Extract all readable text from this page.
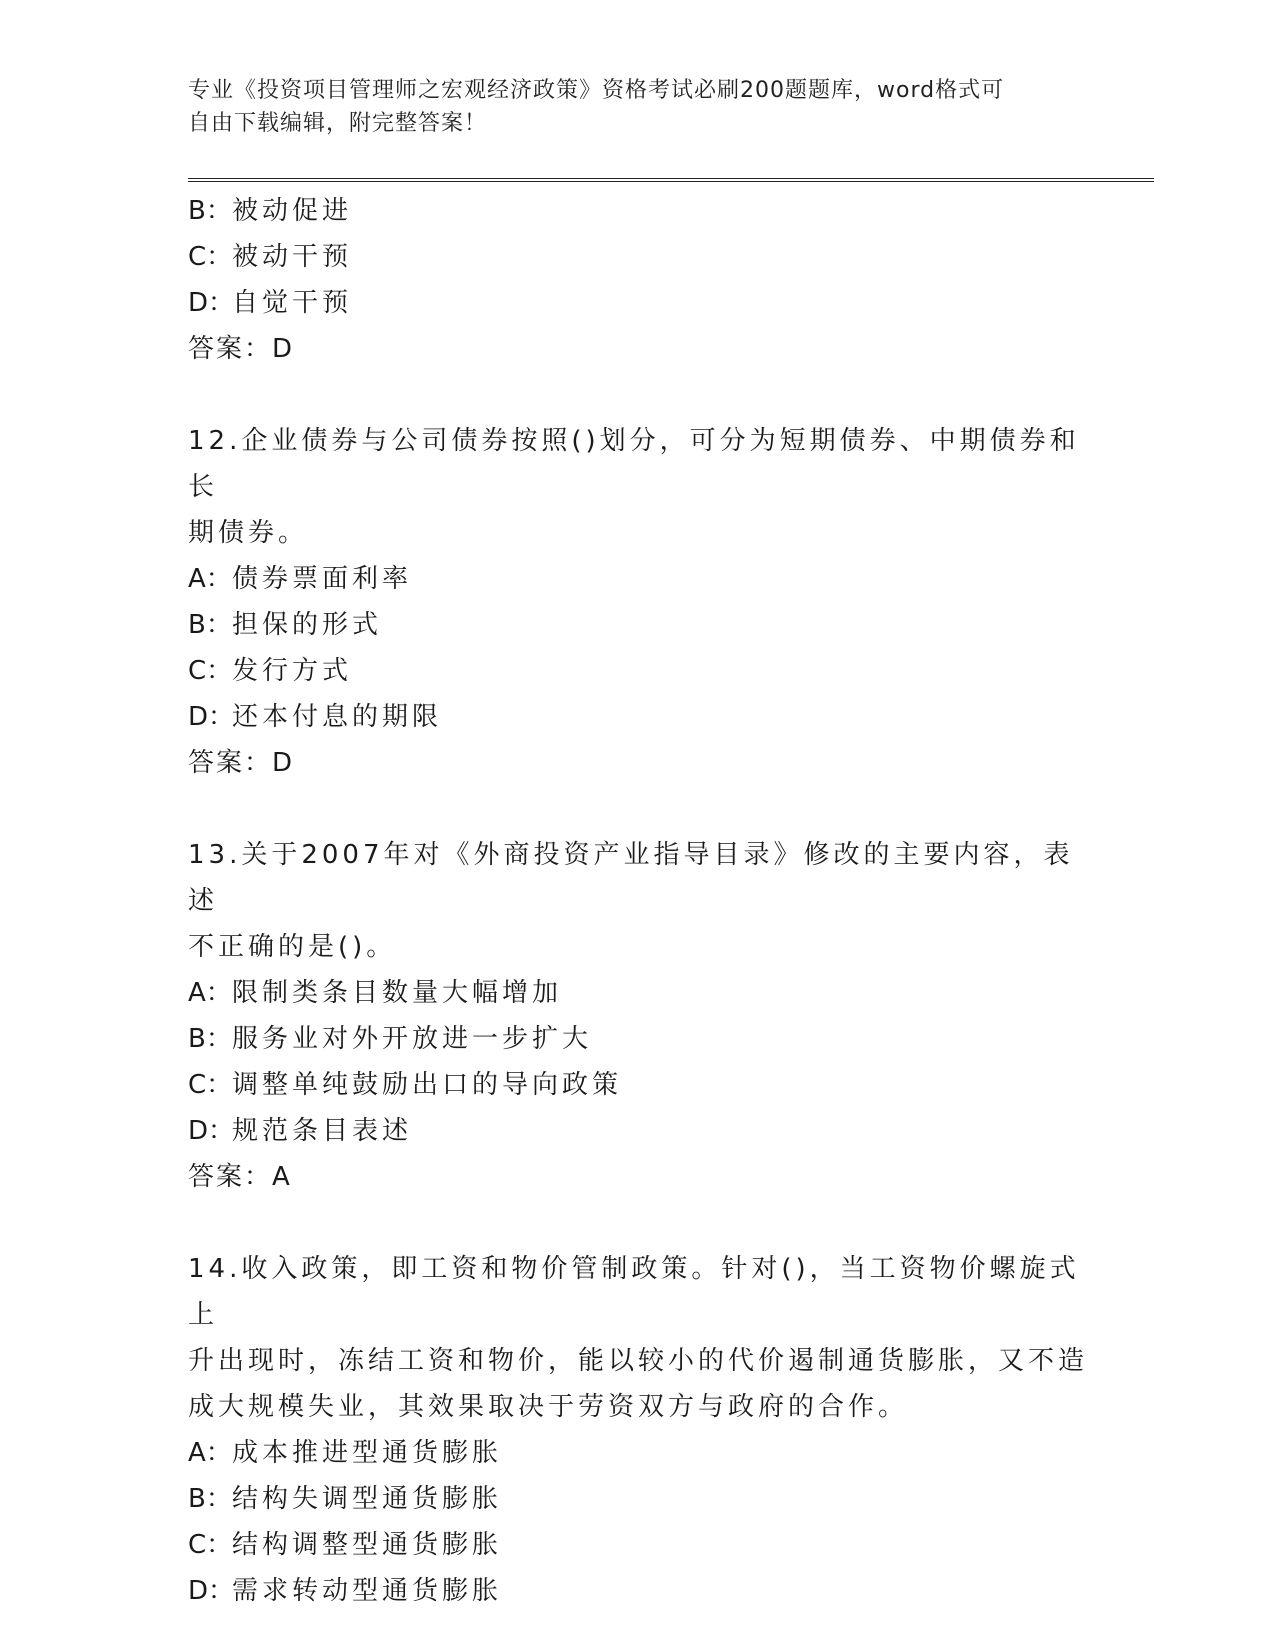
专业《投资项目管理师之宏观经济政策》资格考试必刷200题题库，word格式可
自由下载编辑，附完整答案！
B：被动促进
C：被动干预
D：自觉干预
答案：D
12.企业债券与公司债券按照()划分，可分为短期债券、中期债券和长
期债券。
A：债券票面利率
B：担保的形式
C：发行方式
D：还本付息的期限
答案：D
13.关于2007年对《外商投资产业指导目录》修改的主要内容，表述
不正确的是()。
A：限制类条目数量大幅增加
B：服务业对外开放进一步扩大
C：调整单纯鼓励出口的导向政策
D：规范条目表述
答案：A
14.收入政策，即工资和物价管制政策。针对()，当工资物价螺旋式上
升出现时，冻结工资和物价，能以较小的代价遏制通货膨胀，又不造
成大规模失业，其效果取决于劳资双方与政府的合作。
A：成本推进型通货膨胀
B：结构失调型通货膨胀
C：结构调整型通货膨胀
D：需求转动型通货膨胀
